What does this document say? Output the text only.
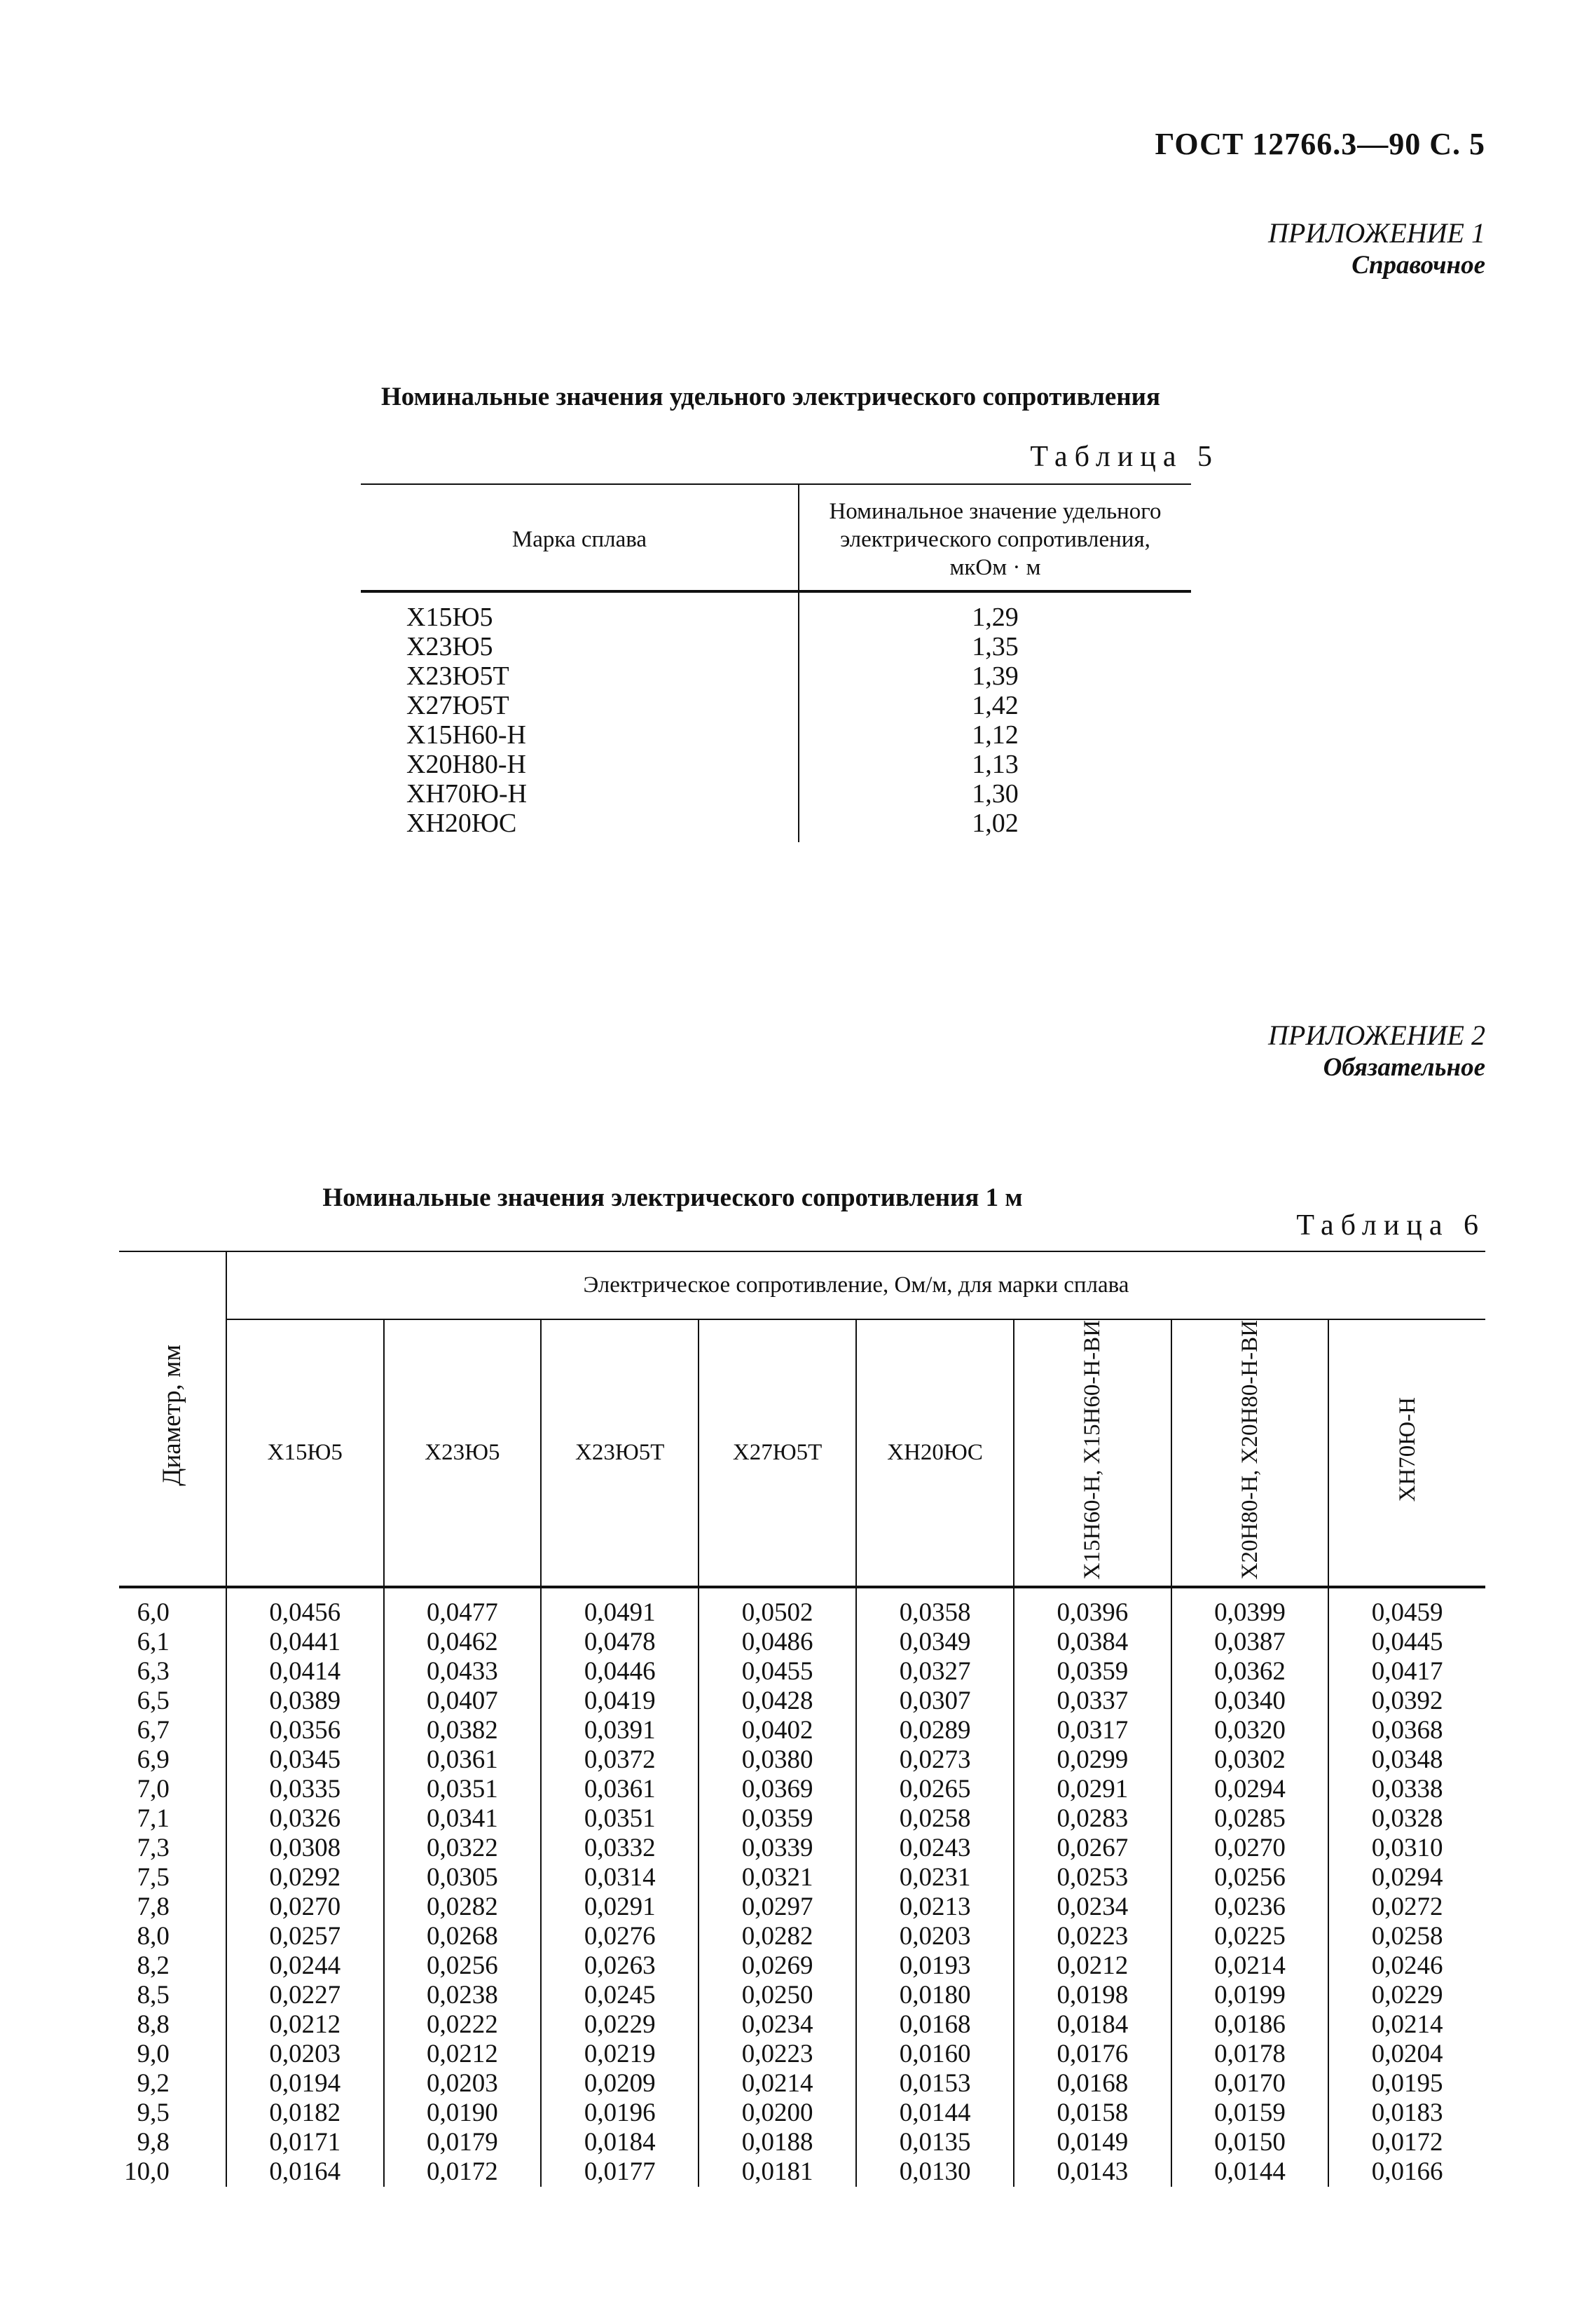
ГОСТ 12766.3—90 С. 5
ПРИЛОЖЕНИЕ 1
Справочное
Номинальные значения удельного электрического сопротивления
Таблица 5
Марка сплава	Номинальное значение удельного электрического сопротивления, мкОм · м
Х15Ю5	1,29
Х23Ю5	1,35
Х23Ю5Т	1,39
Х27Ю5Т	1,42
Х15Н60-Н	1,12
Х20Н80-Н	1,13
ХН70Ю-Н	1,30
ХН20ЮС	1,02
ПРИЛОЖЕНИЕ 2
Обязательное
Номинальные значения электрического сопротивления 1 м
Таблица 6
Диаметр, мм	Электрическое сопротивление, Ом/м, для марки сплава							
	Х15Ю5	Х23Ю5	Х23Ю5Т	Х27Ю5Т	ХН20ЮС	Х15Н60-Н, Х15Н60-Н-ВИ	Х20Н80-Н, Х20Н80-Н-ВИ	ХН70Ю-Н
6,0	0,0456	0,0477	0,0491	0,0502	0,0358	0,0396	0,0399	0,0459
6,1	0,0441	0,0462	0,0478	0,0486	0,0349	0,0384	0,0387	0,0445
6,3	0,0414	0,0433	0,0446	0,0455	0,0327	0,0359	0,0362	0,0417
6,5	0,0389	0,0407	0,0419	0,0428	0,0307	0,0337	0,0340	0,0392
6,7	0,0356	0,0382	0,0391	0,0402	0,0289	0,0317	0,0320	0,0368
6,9	0,0345	0,0361	0,0372	0,0380	0,0273	0,0299	0,0302	0,0348
7,0	0,0335	0,0351	0,0361	0,0369	0,0265	0,0291	0,0294	0,0338
7,1	0,0326	0,0341	0,0351	0,0359	0,0258	0,0283	0,0285	0,0328
7,3	0,0308	0,0322	0,0332	0,0339	0,0243	0,0267	0,0270	0,0310
7,5	0,0292	0,0305	0,0314	0,0321	0,0231	0,0253	0,0256	0,0294
7,8	0,0270	0,0282	0,0291	0,0297	0,0213	0,0234	0,0236	0,0272
8,0	0,0257	0,0268	0,0276	0,0282	0,0203	0,0223	0,0225	0,0258
8,2	0,0244	0,0256	0,0263	0,0269	0,0193	0,0212	0,0214	0,0246
8,5	0,0227	0,0238	0,0245	0,0250	0,0180	0,0198	0,0199	0,0229
8,8	0,0212	0,0222	0,0229	0,0234	0,0168	0,0184	0,0186	0,0214
9,0	0,0203	0,0212	0,0219	0,0223	0,0160	0,0176	0,0178	0,0204
9,2	0,0194	0,0203	0,0209	0,0214	0,0153	0,0168	0,0170	0,0195
9,5	0,0182	0,0190	0,0196	0,0200	0,0144	0,0158	0,0159	0,0183
9,8	0,0171	0,0179	0,0184	0,0188	0,0135	0,0149	0,0150	0,0172
10,0	0,0164	0,0172	0,0177	0,0181	0,0130	0,0143	0,0144	0,0166
